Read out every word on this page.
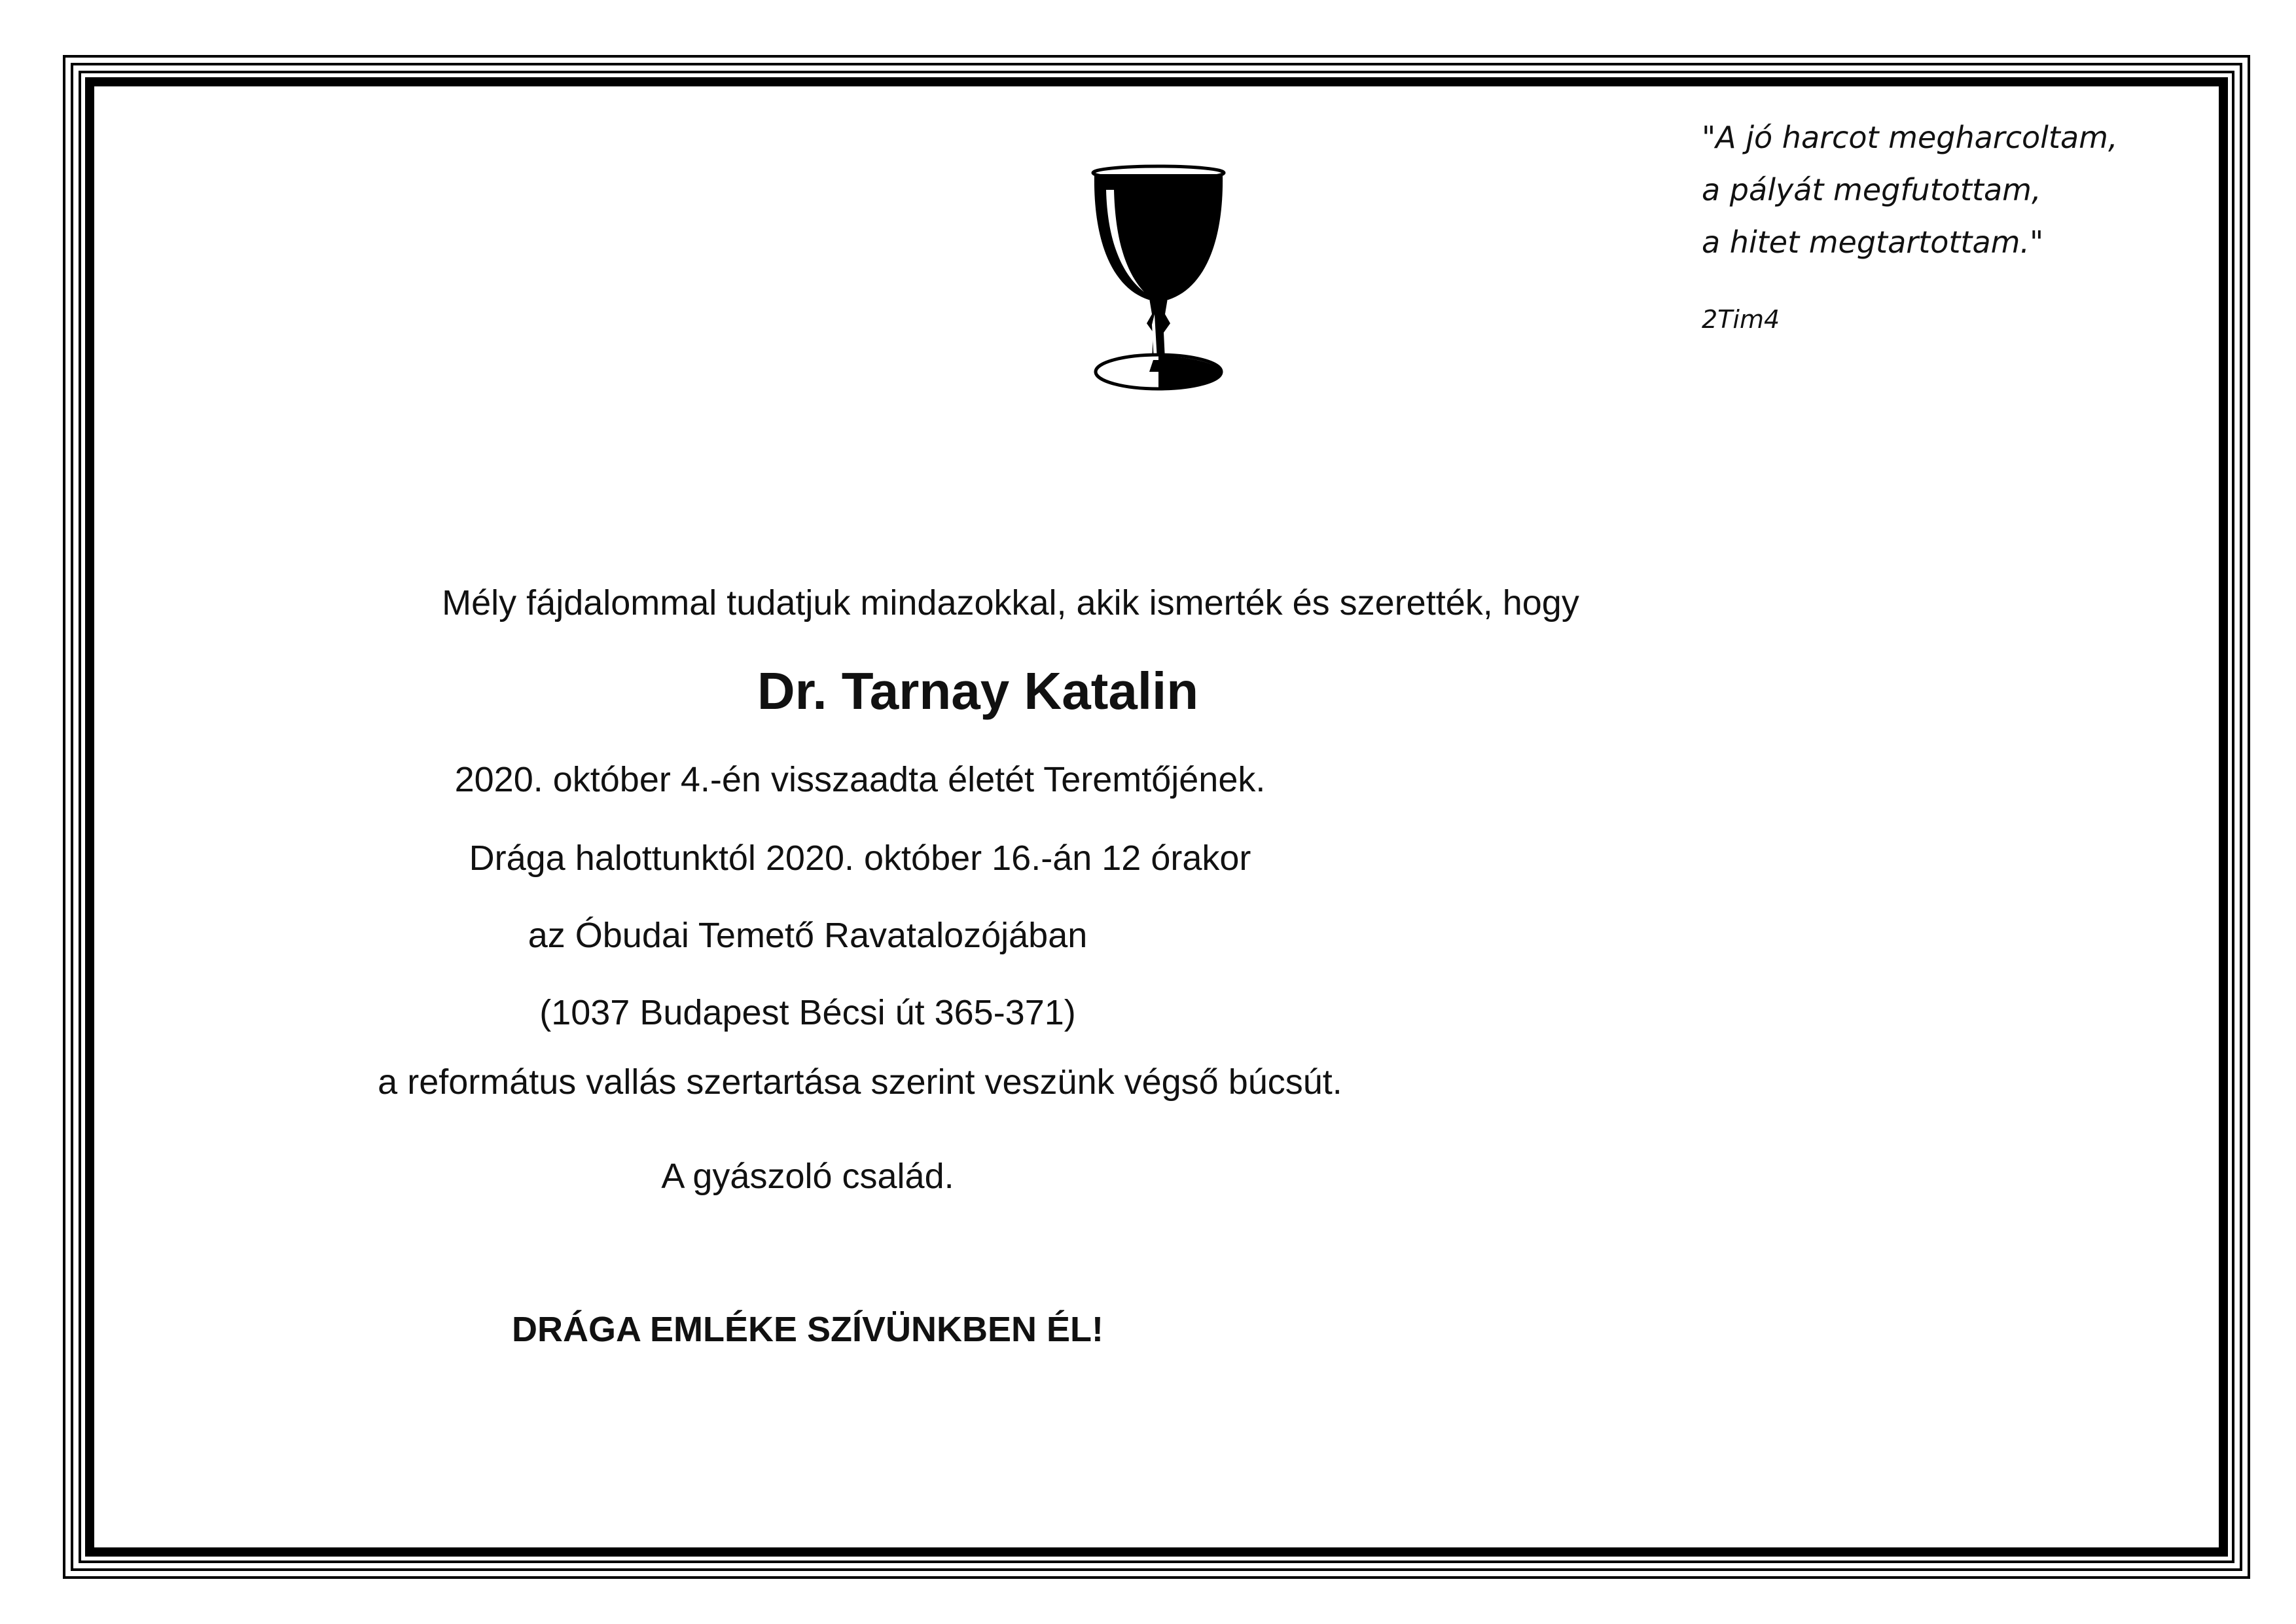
"A jó harcot megharcoltam,
a pályát megfutottam,
a hitet megtartottam."
2Tim4
Mély fájdalommal tudatjuk mindazokkal, akik ismerték és szerették, hogy
Dr. Tarnay Katalin
2020. október 4.-én visszaadta életét Teremtőjének.
Drága halottunktól 2020. október 16.-án 12 órakor
az Óbudai Temető Ravatalozójában
(1037 Budapest Bécsi út 365-371)
a református vallás szertartása szerint veszünk végső búcsút.
A gyászoló család.
DRÁGA EMLÉKE SZÍVÜNKBEN ÉL!
